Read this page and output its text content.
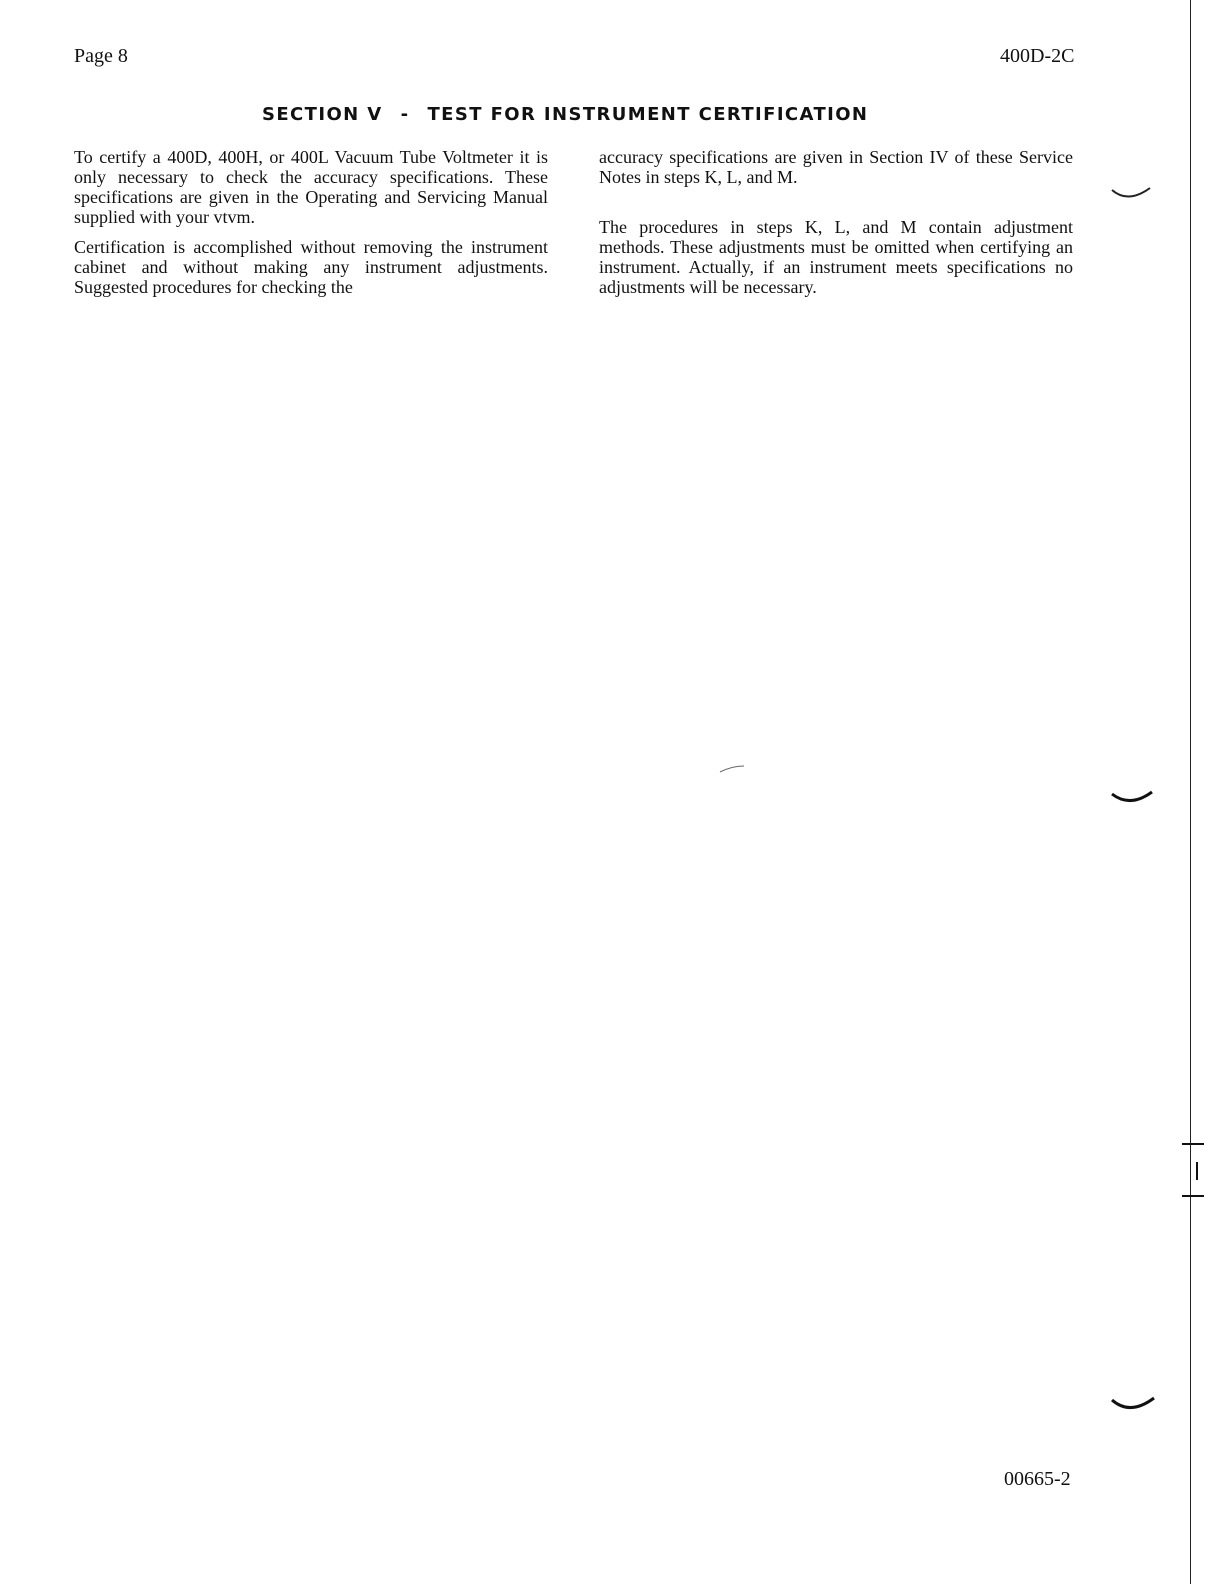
Page 8	400D-2C
SECTION V - TEST FOR INSTRUMENT CERTIFICATION

To certify a 400D, 400H, or 400L Vacuum Tube Voltmeter it is only necessary to check the accuracy specifications. These specifications are given in the Operating and Servicing Manual supplied with your vtvm.

Certification is accomplished without removing the instrument cabinet and without making any instrument adjustments. Suggested procedures for checking the

accuracy specifications are given in Section IV of these Service Notes in steps K, L, and M.

The procedures in steps K, L, and M contain adjustment methods. These adjustments must be omitted when certifying an instrument. Actually, if an instrument meets specifications no adjustments will be necessary.

00665-2
